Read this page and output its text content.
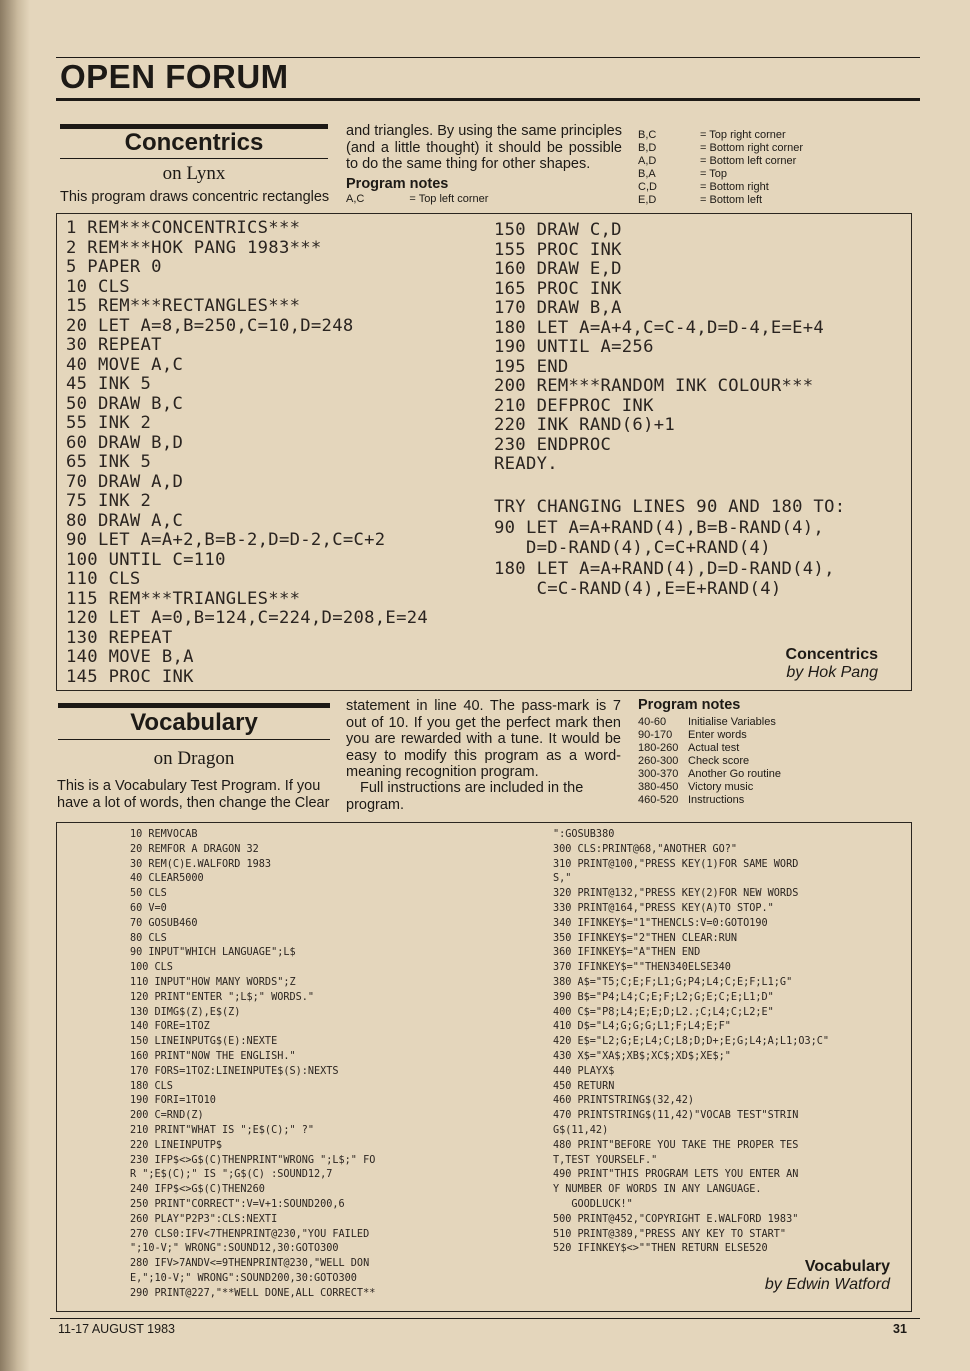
OPEN FORUM
Concentrics
on Lynx
This program draws concentric rectangles
and triangles. By using the same principles (and a little thought) it should be possible to do the same thing for other shapes.
Program notes
A,C	= Top left corner
B,C	= Top right corner
B,D	= Bottom right corner
A,D	= Bottom left corner
B,A	= Top
C,D	= Bottom right
E,D	= Bottom left
1 REM***CONCENTRICS***
2 REM***HOK PANG 1983***
5 PAPER 0
10 CLS
15 REM***RECTANGLES***
20 LET A=8,B=250,C=10,D=248
30 REPEAT
40 MOVE A,C
45 INK 5
50 DRAW B,C
55 INK 2
60 DRAW B,D
65 INK 5
70 DRAW A,D
75 INK 2
80 DRAW A,C
90 LET A=A+2,B=B-2,D=D-2,C=C+2
100 UNTIL C=110
110 CLS
115 REM***TRIANGLES***
120 LET A=0,B=124,C=224,D=208,E=24
130 REPEAT
140 MOVE B,A
145 PROC INK
150 DRAW C,D
155 PROC INK
160 DRAW E,D
165 PROC INK
170 DRAW B,A
180 LET A=A+4,C=C-4,D=D-4,E=E+4
190 UNTIL A=256
195 END
200 REM***RANDOM INK COLOUR***
210 DEFPROC INK
220 INK RAND(6)+1
230 ENDPROC
READY.
TRY CHANGING LINES 90 AND 180 TO:
90 LET A=A+RAND(4),B=B-RAND(4),
D=D-RAND(4),C=C+RAND(4)
180 LET A=A+RAND(4),D=D-RAND(4),
C=C-RAND(4),E=E+RAND(4)
Concentrics
by Hok Pang
Vocabulary
on Dragon
This is a Vocabulary Test Program. If you have a lot of words, then change the Clear
statement in line 40. The pass-mark is 7 out of 10. If you get the perfect mark then you are rewarded with a tune. It would be easy to modify this program as a word-meaning recognition program.
Full instructions are included in the program.
Program notes
40-60	Initialise Variables
90-170	Enter words
180-260 Actual test
260-300 Check score
300-370 Another Go routine
380-450 Victory music
460-520 Instructions
10 REMVOCAB
20 REMFOR A DRAGON 32
30 REM(C)E.WALFORD 1983
40 CLEAR5000
50 CLS
60 V=0
70 GOSUB460
80 CLS
90 INPUT"WHICH LANGUAGE";L$
100 CLS
110 INPUT"HOW MANY WORDS";Z
120 PRINT"ENTER ";L$;" WORDS."
130 DIMG$(Z),E$(Z)
140 FORE=1TOZ
150 LINEINPUTG$(E):NEXTE
160 PRINT"NOW THE ENGLISH."
170 FORS=1TOZ:LINEINPUTE$(S):NEXTS
180 CLS
190 FORI=1TO10
200 C=RND(Z)
210 PRINT"WHAT IS ";E$(C);" ?"
220 LINEINPUTP$
230 IFP$<>G$(C)THENPRINT"WRONG ";L$;" FO
R ";E$(C);" IS ";G$(C) :SOUND12,7
240 IFP$<>G$(C)THEN260
250 PRINT"CORRECT":V=V+1:SOUND200,6
260 PLAY"P2P3":CLS:NEXTI
270 CLS0:IFV<7THENPRINT@230,"YOU FAILED
";10-V;" WRONG":SOUND12,30:GOTO300
280 IFV>7ANDV<=9THENPRINT@230,"WELL DON
E,";10-V;" WRONG":SOUND200,30:GOTO300
290 PRINT@227,"**WELL DONE,ALL CORRECT**
":GOSUB380
300 CLS:PRINT@68,"ANOTHER GO?"
310 PRINT@100,"PRESS KEY(1)FOR SAME WORD
S,"
320 PRINT@132,"PRESS KEY(2)FOR NEW WORDS
330 PRINT@164,"PRESS KEY(A)TO STOP."
340 IFINKEY$="1"THENCLS:V=0:GOTO190
350 IFINKEY$="2"THEN CLEAR:RUN
360 IFINKEY$="A"THEN END
370 IFINKEY$=""THEN340ELSE340
380 A$="T5;C;E;F;L1;G;P4;L4;C;E;F;L1;G"
390 B$="P4;L4;C;E;F;L2;G;E;C;E;L1;D"
400 C$="P8;L4;E;E;D;L2.;C;L4;C;L2;E"
410 D$="L4;G;G;G;L1;F;L4;E;F"
420 E$="L2;G;E;L4;C;L8;D;D+;E;G;L4;A;L1;O3;C"
430 X$="XA$;XB$;XC$;XD$;XE$;"
440 PLAYX$
450 RETURN
460 PRINTSTRING$(32,42)
470 PRINTSTRING$(11,42)"VOCAB TEST"STRIN
G$(11,42)
480 PRINT"BEFORE YOU TAKE THE PROPER TES
T,TEST YOURSELF."
490 PRINT"THIS PROGRAM LETS YOU ENTER AN
Y NUMBER OF WORDS IN ANY LANGUAGE.
GOODLUCK!"
500 PRINT@452,"COPYRIGHT E.WALFORD 1983"
510 PRINT@389,"PRESS ANY KEY TO START"
520 IFINKEY$<>""THEN RETURN ELSE520
Vocabulary
by Edwin Watford
11-17 AUGUST 1983	31
